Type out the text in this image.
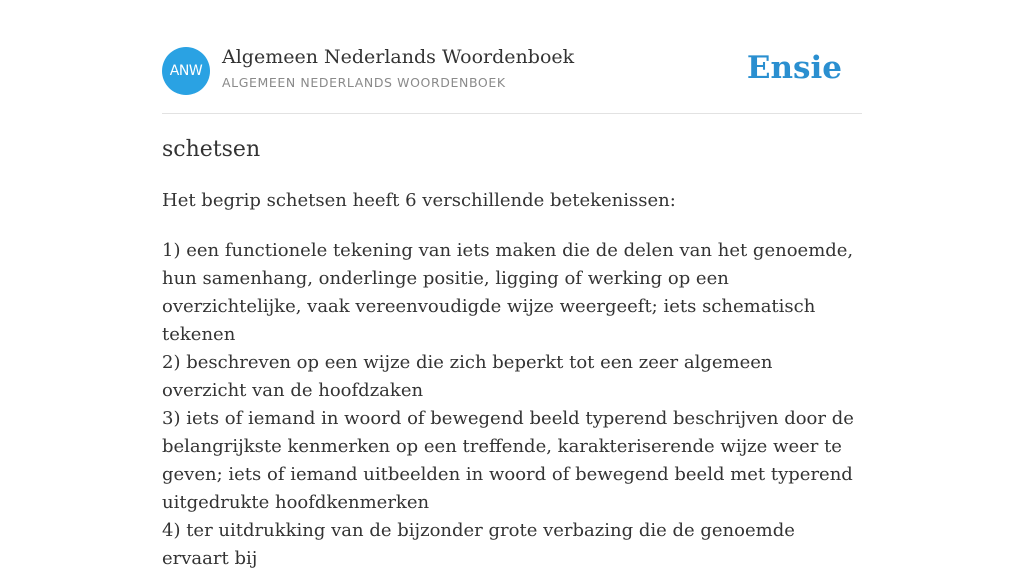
ANW
Algemeen Nederlands Woordenboek
ALGEMEEN NEDERLANDS WOORDENBOEK	Ensie
schetsen

Het begrip schetsen heeft 6 verschillende betekenissen:

1) een functionele tekening van iets maken die de delen van het genoemde, hun samenhang, onderlinge positie, ligging of werking op een overzichtelijke, vaak vereenvoudigde wijze weergeeft; iets schematisch tekenen
2) beschreven op een wijze die zich beperkt tot een zeer algemeen overzicht van de hoofdzaken
3) iets of iemand in woord of bewegend beeld typerend beschrijven door de belangrijkste kenmerken op een treffende, karakteriserende wijze weer te geven; iets of iemand uitbeelden in woord of bewegend beeld met typerend uitgedrukte hoofdkenmerken
4) ter uitdrukking van de bijzonder grote verbazing die de genoemde ervaart bij
